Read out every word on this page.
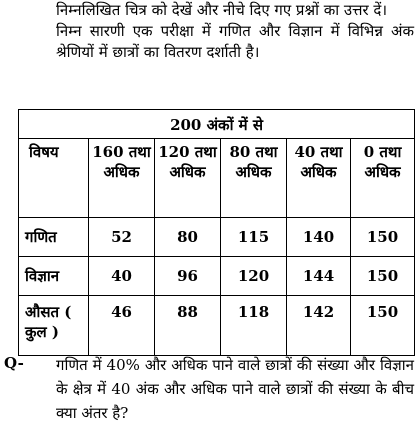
निम्नलिखित चित्र को देखें और नीचे दिए गए प्रश्नों का उत्तर दें।

निम्न सारणी एक परीक्षा में गणित और विज्ञान में विभिन्न अंक श्रेणियों में छात्रों का वितरण दर्शाती है।

200 अंकों में से					
विषय	160 तथा अधिक	120 तथा अधिक	80 तथा अधिक	40 तथा अधिक	0 तथा अधिक
गणित	52	80	115	140	150
विज्ञान	40	96	120	144	150
औसत ( कुल )	46	88	118	142	150
Q- गणित में 40% और अधिक पाने वाले छात्रों की संख्या और विज्ञान के क्षेत्र में 40 अंक और अधिक पाने वाले छात्रों की संख्या के बीच क्या अंतर है?
